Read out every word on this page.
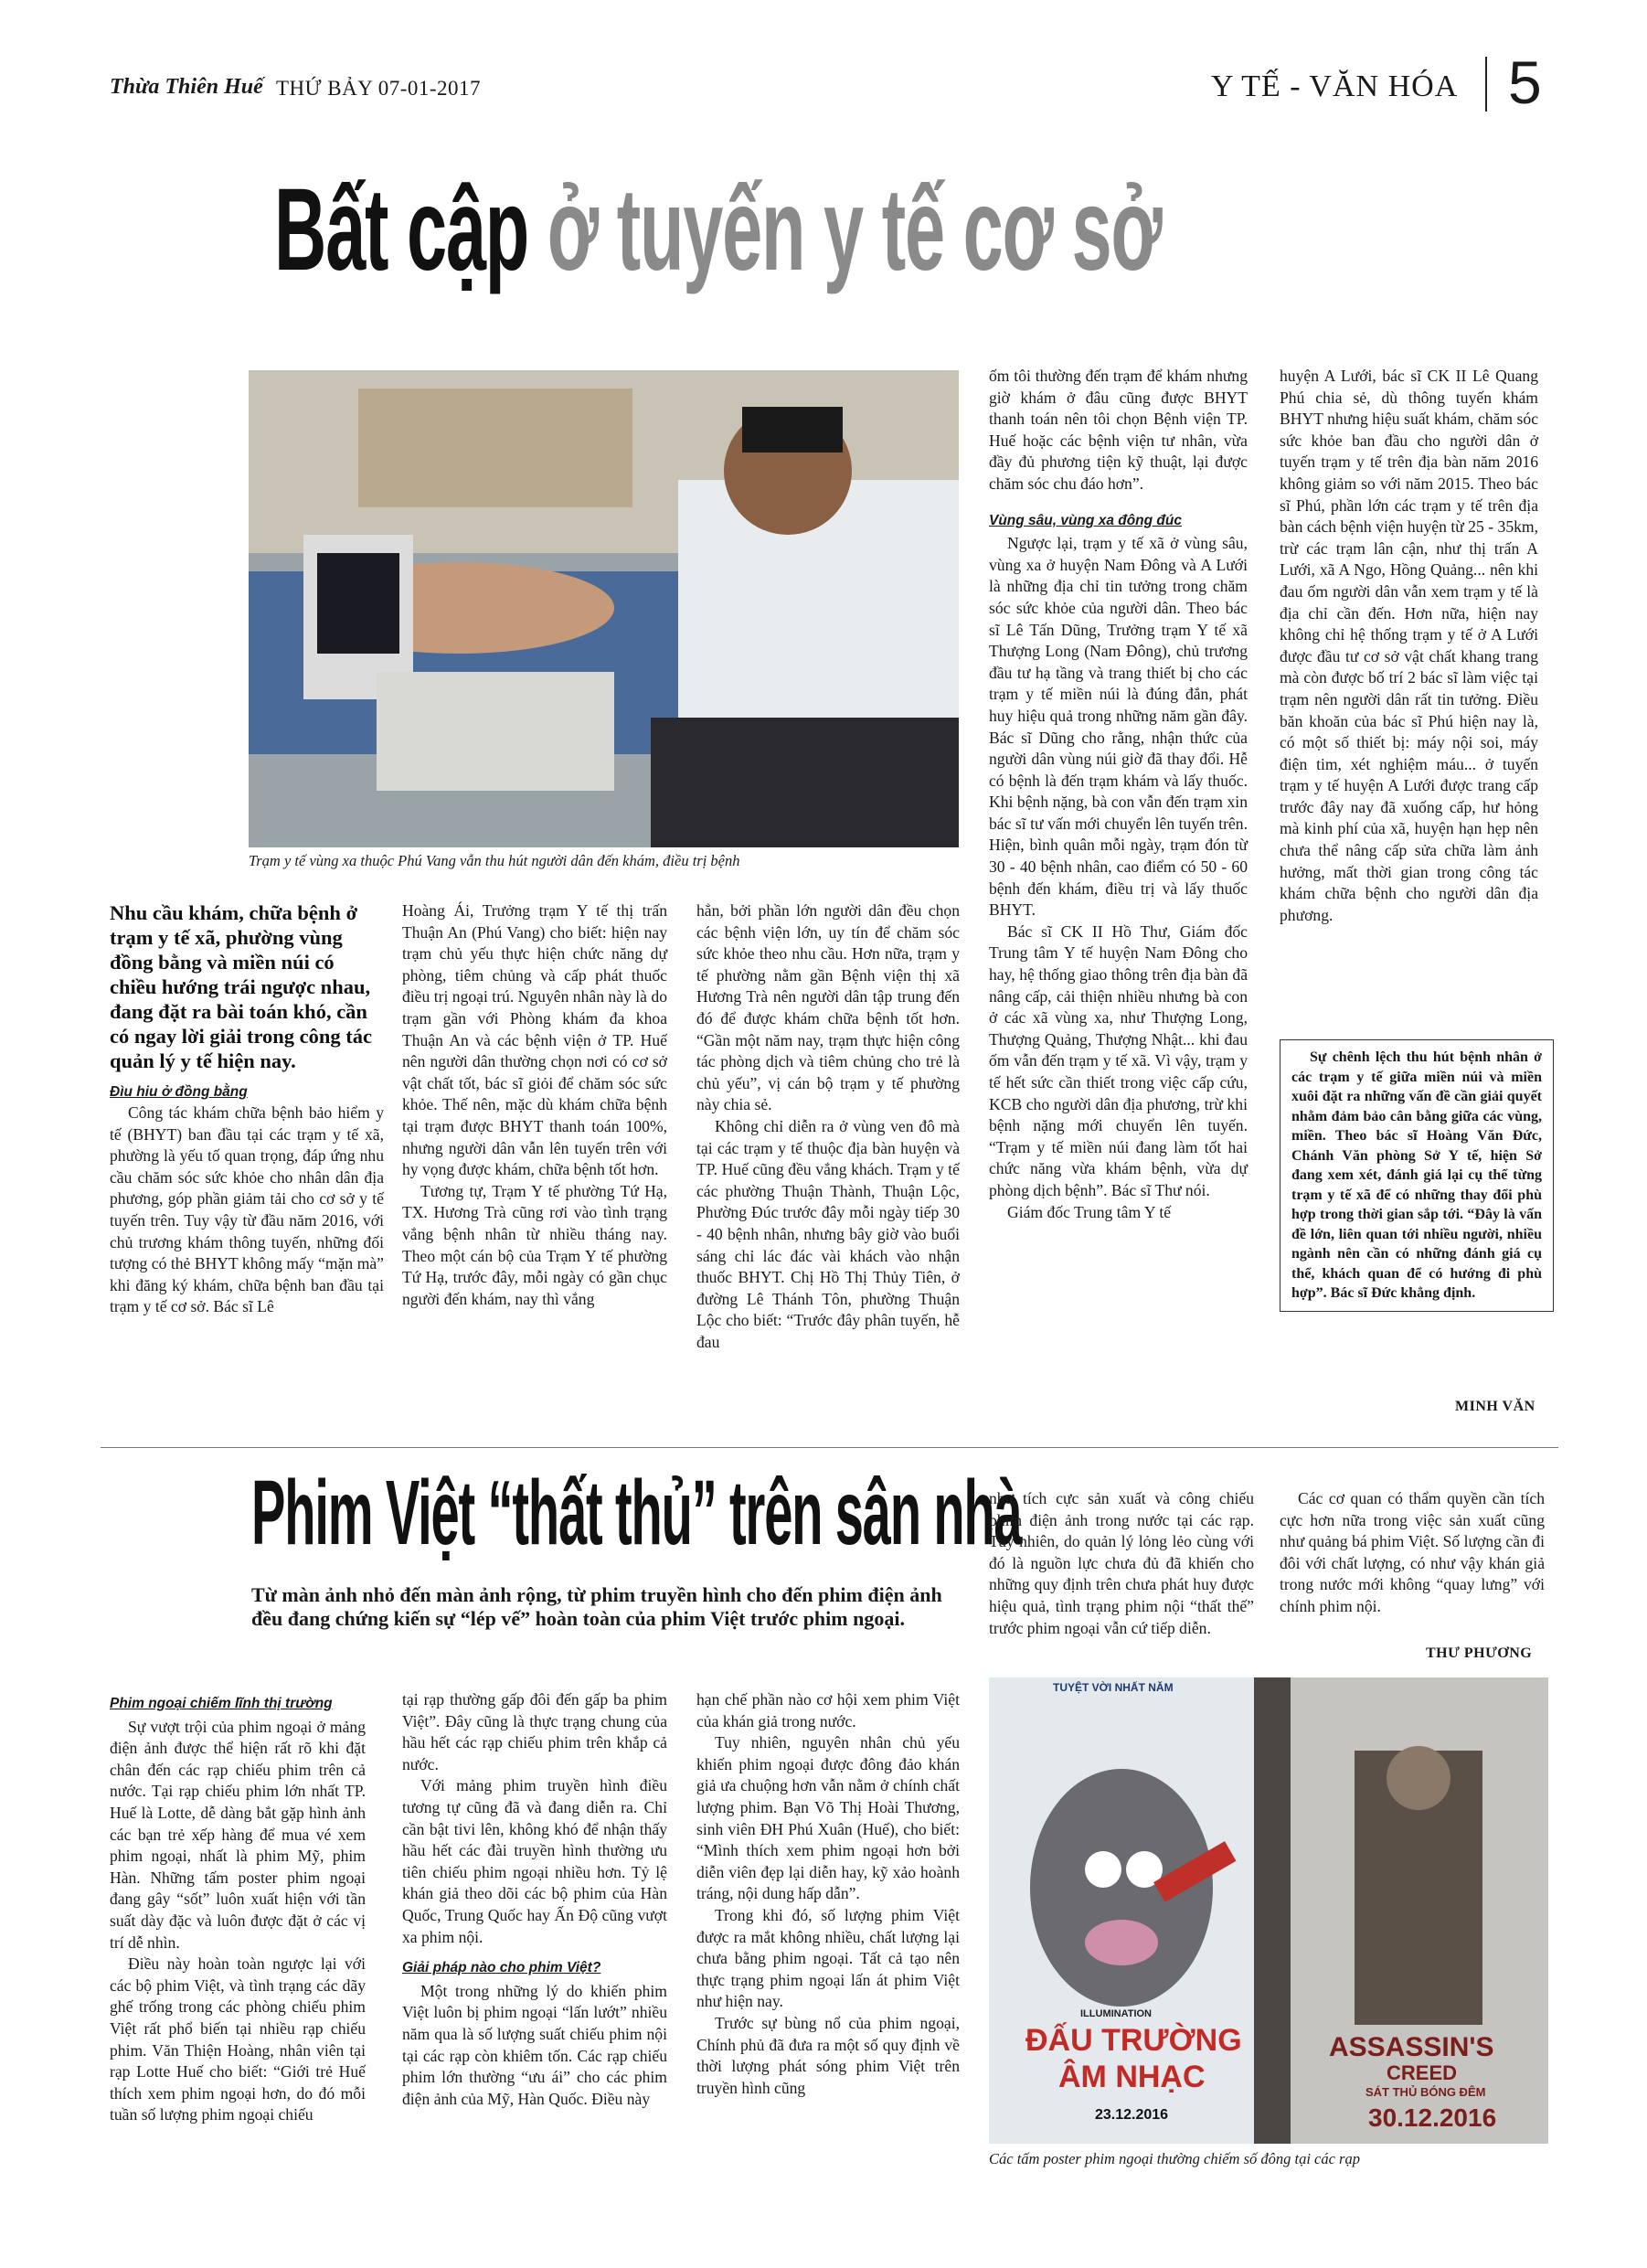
Thừa Thiên Huế THỨ BẢY 07-01-2017	Y TẾ - VĂN HÓA 5
Bất cập ở tuyến y tế cơ sở
Trạm y tế vùng xa thuộc Phú Vang vẫn thu hút người dân đến khám, điều trị bệnh
Nhu cầu khám, chữa bệnh ở trạm y tế xã, phường vùng đồng bằng và miền núi có chiều hướng trái ngược nhau, đang đặt ra bài toán khó, cần có ngay lời giải trong công tác quản lý y tế hiện nay.
Đìu hiu ở đồng bằng

Công tác khám chữa bệnh bảo hiểm y tế (BHYT) ban đầu tại các trạm y tế xã, phường là yếu tố quan trọng, đáp ứng nhu cầu chăm sóc sức khỏe cho nhân dân địa phương, góp phần giảm tải cho cơ sở y tế tuyến trên. Tuy vậy từ đầu năm 2016, với chủ trương khám thông tuyến, những đối tượng có thẻ BHYT không mấy “mặn mà” khi đăng ký khám, chữa bệnh ban đầu tại trạm y tế cơ sở. Bác sĩ Lê

Hoàng Ái, Trưởng trạm Y tế thị trấn Thuận An (Phú Vang) cho biết: hiện nay trạm chủ yếu thực hiện chức năng dự phòng, tiêm chủng và cấp phát thuốc điều trị ngoại trú. Nguyên nhân này là do trạm gần với Phòng khám đa khoa Thuận An và các bệnh viện ở TP. Huế nên người dân thường chọn nơi có cơ sở vật chất tốt, bác sĩ giỏi để chăm sóc sức khỏe. Thế nên, mặc dù khám chữa bệnh tại trạm được BHYT thanh toán 100%, nhưng người dân vẫn lên tuyến trên với hy vọng được khám, chữa bệnh tốt hơn.

Tương tự, Trạm Y tế phường Tứ Hạ, TX. Hương Trà cũng rơi vào tình trạng vắng bệnh nhân từ nhiều tháng nay. Theo một cán bộ của Trạm Y tế phường Tứ Hạ, trước đây, mỗi ngày có gần chục người đến khám, nay thì vắng

hẳn, bởi phần lớn người dân đều chọn các bệnh viện lớn, uy tín để chăm sóc sức khỏe theo nhu cầu. Hơn nữa, trạm y tế phường nằm gần Bệnh viện thị xã Hương Trà nên người dân tập trung đến đó để được khám chữa bệnh tốt hơn. “Gần một năm nay, trạm thực hiện công tác phòng dịch và tiêm chủng cho trẻ là chủ yếu”, vị cán bộ trạm y tế phường này chia sẻ.

Không chỉ diễn ra ở vùng ven đô mà tại các trạm y tế thuộc địa bàn huyện và TP. Huế cũng đều vắng khách. Trạm y tế các phường Thuận Thành, Thuận Lộc, Phường Đúc trước đây mỗi ngày tiếp 30 - 40 bệnh nhân, nhưng bây giờ vào buổi sáng chỉ lác đác vài khách vào nhận thuốc BHYT. Chị Hồ Thị Thủy Tiên, ở đường Lê Thánh Tôn, phường Thuận Lộc cho biết: “Trước đây phân tuyến, hễ đau

ốm tôi thường đến trạm để khám nhưng giờ khám ở đâu cũng được BHYT thanh toán nên tôi chọn Bệnh viện TP. Huế hoặc các bệnh viện tư nhân, vừa đầy đủ phương tiện kỹ thuật, lại được chăm sóc chu đáo hơn”.

Vùng sâu, vùng xa đông đúc

Ngược lại, trạm y tế xã ở vùng sâu, vùng xa ở huyện Nam Đông và A Lưới là những địa chỉ tin tưởng trong chăm sóc sức khỏe của người dân. Theo bác sĩ Lê Tấn Dũng, Trưởng trạm Y tế xã Thượng Long (Nam Đông), chủ trương đầu tư hạ tầng và trang thiết bị cho các trạm y tế miền núi là đúng đắn, phát huy hiệu quả trong những năm gần đây. Bác sĩ Dũng cho rằng, nhận thức của người dân vùng núi giờ đã thay đổi. Hễ có bệnh là đến trạm khám và lấy thuốc. Khi bệnh nặng, bà con vẫn đến trạm xin bác sĩ tư vấn mới chuyển lên tuyến trên. Hiện, bình quân mỗi ngày, trạm đón từ 30 - 40 bệnh nhân, cao điểm có 50 - 60 bệnh đến khám, điều trị và lấy thuốc BHYT.

Bác sĩ CK II Hồ Thư, Giám đốc Trung tâm Y tế huyện Nam Đông cho hay, hệ thống giao thông trên địa bàn đã nâng cấp, cải thiện nhiều nhưng bà con ở các xã vùng xa, như Thượng Long, Thượng Quảng, Thượng Nhật... khi đau ốm vẫn đến trạm y tế xã. Vì vậy, trạm y tế hết sức cần thiết trong việc cấp cứu, KCB cho người dân địa phương, trừ khi bệnh nặng mới chuyển lên tuyến. “Trạm y tế miền núi đang làm tốt hai chức năng vừa khám bệnh, vừa dự phòng dịch bệnh”. Bác sĩ Thư nói.

Giám đốc Trung tâm Y tế

huyện A Lưới, bác sĩ CK II Lê Quang Phú chia sẻ, dù thông tuyến khám BHYT nhưng hiệu suất khám, chăm sóc sức khỏe ban đầu cho người dân ở tuyến trạm y tế trên địa bàn năm 2016 không giảm so với năm 2015. Theo bác sĩ Phú, phần lớn các trạm y tế trên địa bàn cách bệnh viện huyện từ 25 - 35km, trừ các trạm lân cận, như thị trấn A Lưới, xã A Ngo, Hồng Quảng... nên khi đau ốm người dân vẫn xem trạm y tế là địa chỉ cần đến. Hơn nữa, hiện nay không chỉ hệ thống trạm y tế ở A Lưới được đầu tư cơ sở vật chất khang trang mà còn được bố trí 2 bác sĩ làm việc tại trạm nên người dân rất tin tưởng. Điều băn khoăn của bác sĩ Phú hiện nay là, có một số thiết bị: máy nội soi, máy điện tim, xét nghiệm máu... ở tuyến trạm y tế huyện A Lưới được trang cấp trước đây nay đã xuống cấp, hư hỏng mà kinh phí của xã, huyện hạn hẹp nên chưa thể nâng cấp sửa chữa làm ảnh hưởng, mất thời gian trong công tác khám chữa bệnh cho người dân địa phương.

Sự chênh lệch thu hút bệnh nhân ở các trạm y tế giữa miền núi và miền xuôi đặt ra những vấn đề cần giải quyết nhằm đảm bảo cân bằng giữa các vùng, miền. Theo bác sĩ Hoàng Văn Đức, Chánh Văn phòng Sở Y tế, hiện Sở đang xem xét, đánh giá lại cụ thể từng trạm y tế xã để có những thay đổi phù hợp trong thời gian sắp tới. “Đây là vấn đề lớn, liên quan tới nhiều người, nhiều ngành nên cần có những đánh giá cụ thể, khách quan để có hướng đi phù hợp”. Bác sĩ Đức khẳng định.

MINH VĂN
Phim Việt “thất thủ” trên sân nhà
Từ màn ảnh nhỏ đến màn ảnh rộng, từ phim truyền hình cho đến phim điện ảnh đều đang chứng kiến sự “lép vế” hoàn toàn của phim Việt trước phim ngoại.

như tích cực sản xuất và công chiếu phim điện ảnh trong nước tại các rạp. Tuy nhiên, do quản lý lỏng lẻo cùng với đó là nguồn lực chưa đủ đã khiến cho những quy định trên chưa phát huy được hiệu quả, tình trạng phim nội “thất thế” trước phim ngoại vẫn cứ tiếp diễn.

Các cơ quan có thẩm quyền cần tích cực hơn nữa trong việc sản xuất cũng như quảng bá phim Việt. Số lượng cần đi đôi với chất lượng, có như vậy khán giả trong nước mới không “quay lưng” với chính phim nội.

THƯ PHƯƠNG
Phim ngoại chiếm lĩnh thị trường

Sự vượt trội của phim ngoại ở mảng điện ảnh được thể hiện rất rõ khi đặt chân đến các rạp chiếu phim trên cả nước. Tại rạp chiếu phim lớn nhất TP. Huế là Lotte, dễ dàng bắt gặp hình ảnh các bạn trẻ xếp hàng để mua vé xem phim ngoại, nhất là phim Mỹ, phim Hàn. Những tấm poster phim ngoại đang gây “sốt” luôn xuất hiện với tần suất dày đặc và luôn được đặt ở các vị trí dễ nhìn.

Điều này hoàn toàn ngược lại với các bộ phim Việt, và tình trạng các dãy ghế trống trong các phòng chiếu phim Việt rất phổ biến tại nhiều rạp chiếu phim. Văn Thiện Hoàng, nhân viên tại rạp Lotte Huế cho biết: “Giới trẻ Huế thích xem phim ngoại hơn, do đó mỗi tuần số lượng phim ngoại chiếu

tại rạp thường gấp đôi đến gấp ba phim Việt”. Đây cũng là thực trạng chung của hầu hết các rạp chiếu phim trên khắp cả nước.

Với mảng phim truyền hình điều tương tự cũng đã và đang diễn ra. Chỉ cần bật tivi lên, không khó để nhận thấy hầu hết các đài truyền hình thường ưu tiên chiếu phim ngoại nhiều hơn. Tỷ lệ khán giả theo dõi các bộ phim của Hàn Quốc, Trung Quốc hay Ấn Độ cũng vượt xa phim nội.

Giải pháp nào cho phim Việt?

Một trong những lý do khiến phim Việt luôn bị phim ngoại “lấn lướt” nhiều năm qua là số lượng suất chiếu phim nội tại các rạp còn khiêm tốn. Các rạp chiếu phim lớn thường “ưu ái” cho các phim điện ảnh của Mỹ, Hàn Quốc. Điều này

hạn chế phần nào cơ hội xem phim Việt của khán giả trong nước.

Tuy nhiên, nguyên nhân chủ yếu khiến phim ngoại được đông đảo khán giả ưa chuộng hơn vẫn nằm ở chính chất lượng phim. Bạn Võ Thị Hoài Thương, sinh viên ĐH Phú Xuân (Huế), cho biết: “Mình thích xem phim ngoại hơn bởi diễn viên đẹp lại diễn hay, kỹ xảo hoành tráng, nội dung hấp dẫn”.

Trong khi đó, số lượng phim Việt được ra mắt không nhiều, chất lượng lại chưa bằng phim ngoại. Tất cả tạo nên thực trạng phim ngoại lấn át phim Việt như hiện nay.

Trước sự bùng nổ của phim ngoại, Chính phủ đã đưa ra một số quy định về thời lượng phát sóng phim Việt trên truyền hình cũng

TUYỆT VỜI NHẤT NĂM
ILLUMINATION
ĐẤU TRƯỜNG
ÂM NHẠC
23.12.2016
ASSASSIN'S
CREED
SÁT THỦ BÓNG ĐÊM
30.12.2016
Các tấm poster phim ngoại thường chiếm số đông tại các rạp
